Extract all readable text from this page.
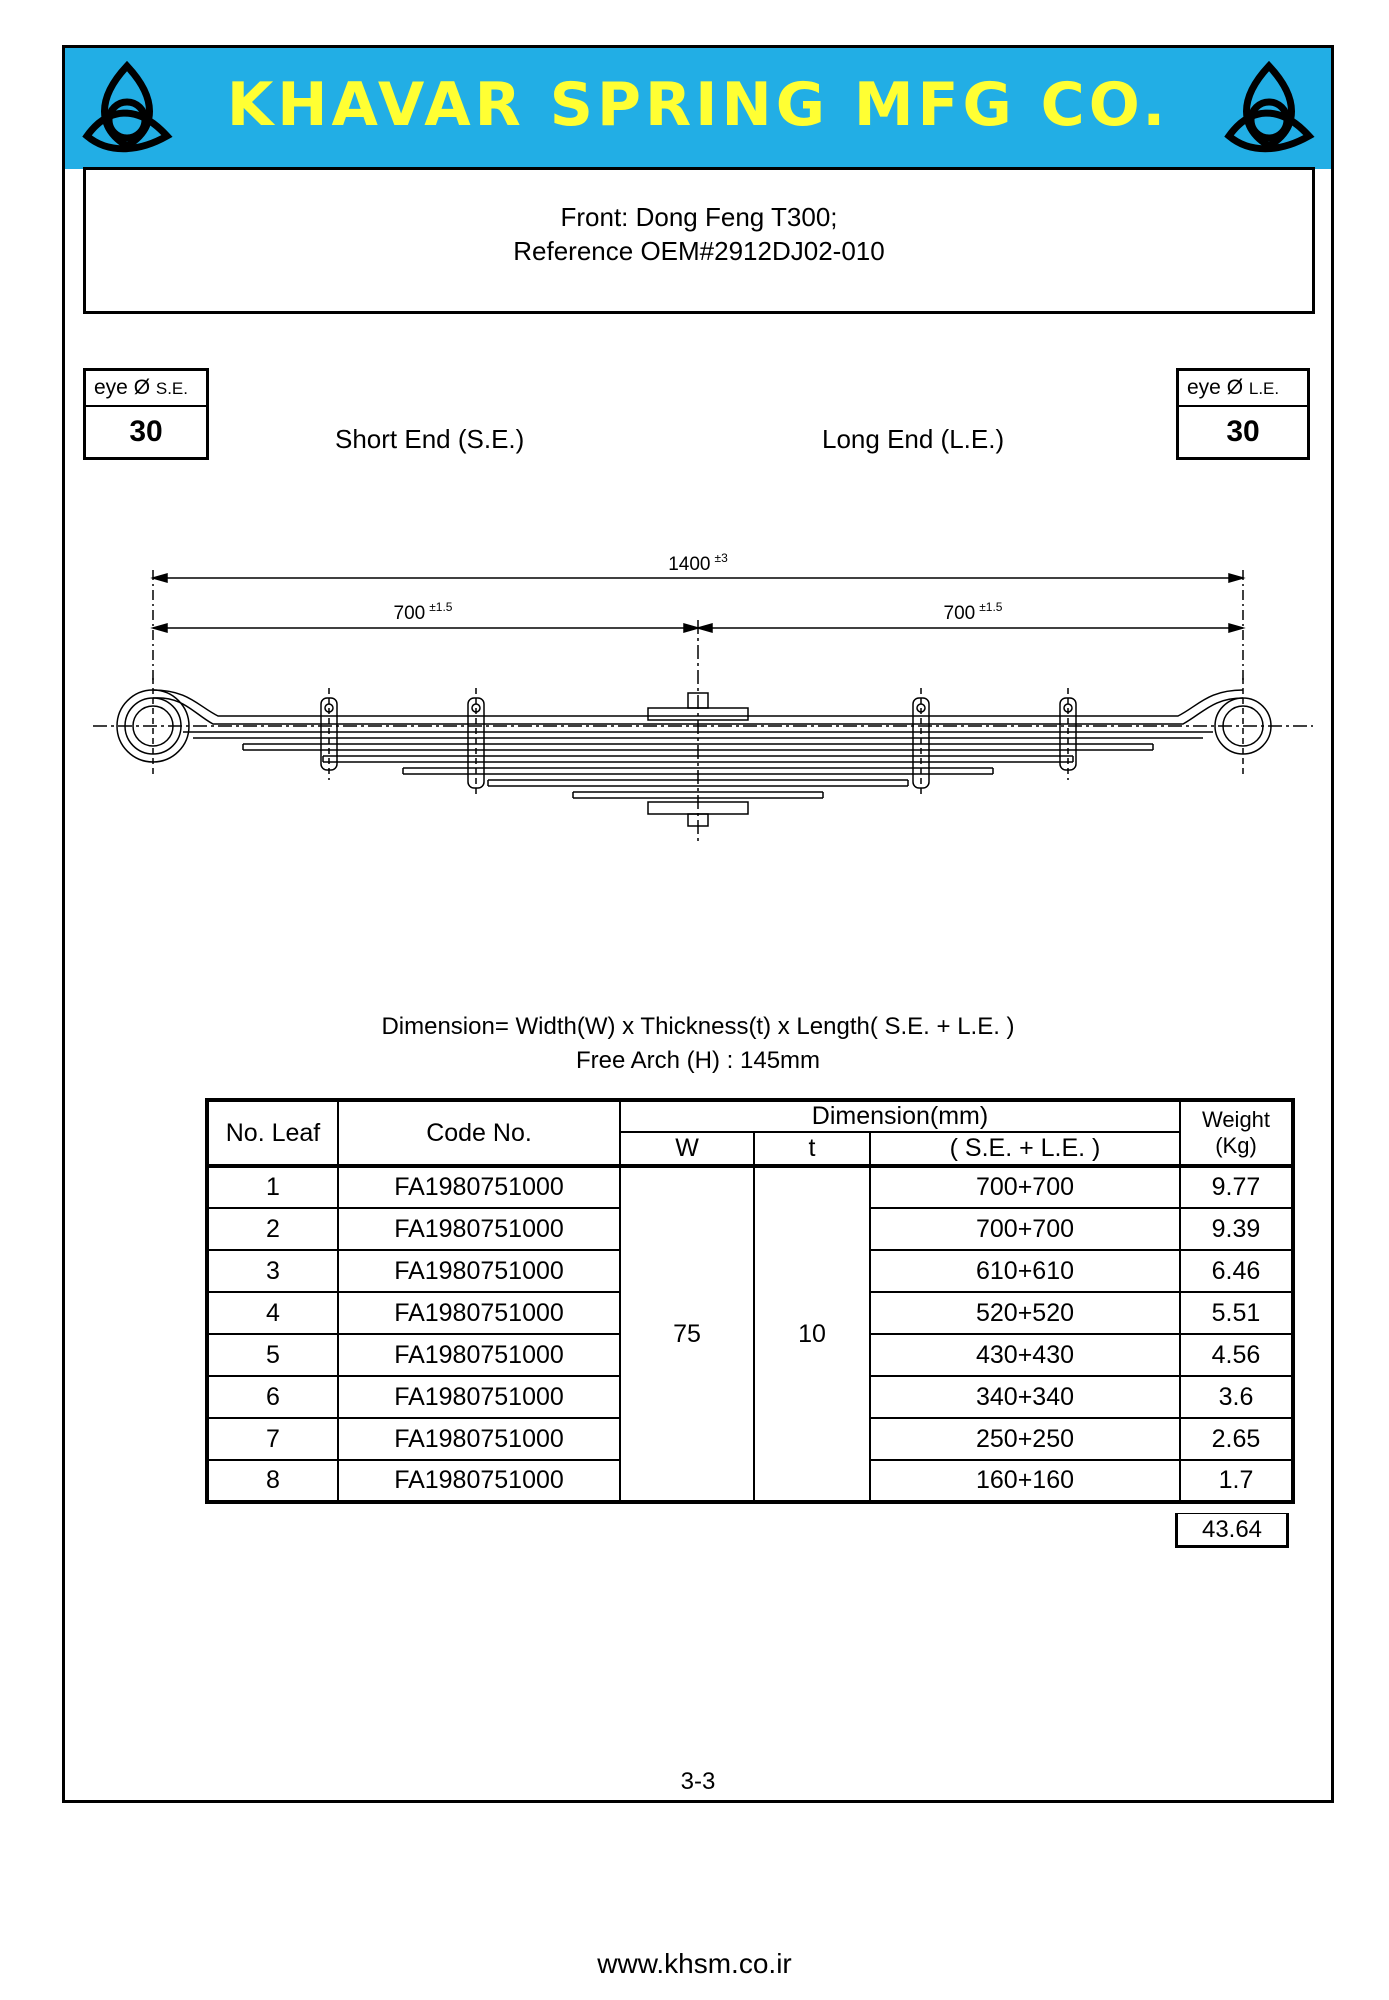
KHAVAR SPRING MFG CO.
Front: Dong Feng T300;
Reference OEM#2912DJ02-010
eye Ø S.E.
30
eye Ø L.E.
30
Short End (S.E.)	Long End (L.E.)
1400 $^{\pm 3}$
700 $^{\pm 1.5}$	700 $^{\pm 1.5}$
Dimension= Width(W) x Thickness(t) x Length( S.E. + L.E. )
Free Arch (H) : 145mm
No. Leaf	Code No.	Dimension(mm)			Weight
(Kg)

		W	t	( S.E. + L.E. )	
1	FA1980751000	75	10	700+700	9.77
2	FA1980751000			700+700	9.39
3	FA1980751000			610+610	6.46
4	FA1980751000			520+520	5.51
5	FA1980751000			430+430	4.56
6	FA1980751000			340+340	3.6
7	FA1980751000			250+250	2.65
8	FA1980751000			160+160	1.7
43.64
3-3
www.khsm.co.ir
